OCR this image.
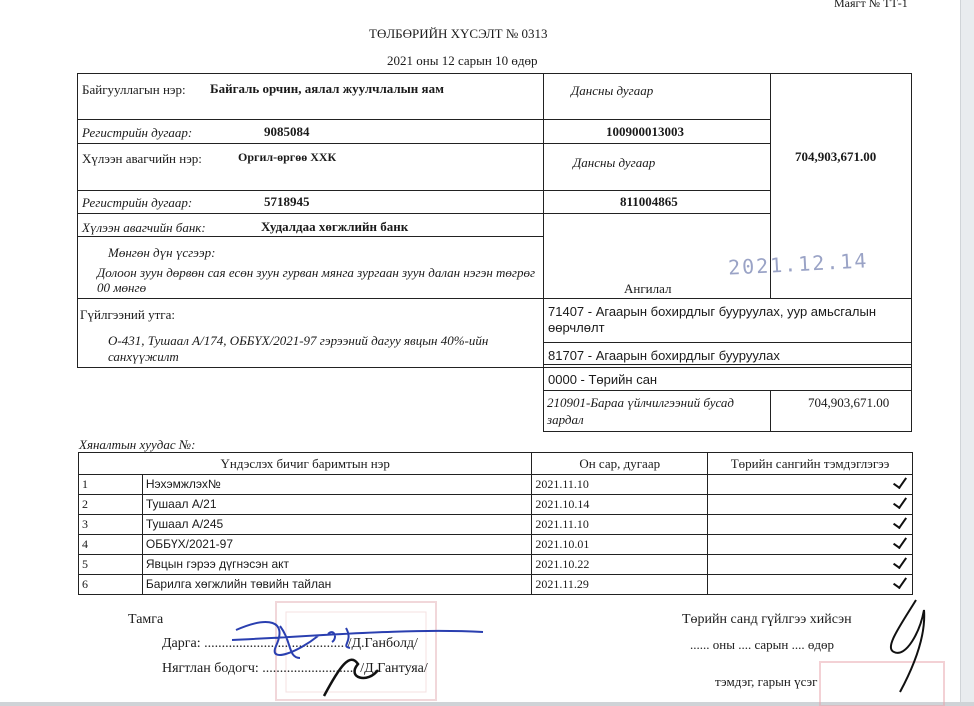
Маягт № ТТ-1
ТӨЛБӨРИЙН ХҮСЭЛТ № 0313
2021 оны 12 сарын 10 өдөр
Байгууллагын нэр: Байгаль орчин, аялал жуулчлалын яам	Дансны дугаар
Регистрийн дугаар:	9085084	100900013003
704,903,671.00
Хүлээн авагчийн нэр:	Оргил-өргөө ХХК	Дансны дугаар
Регистрийн дугаар:	5718945	811004865
Хүлээн авагчийн банк:	Худалдаа хөгжлийн банк
Мөнгөн дүн үсгээр:
Долоон зуун дөрвөн сая есөн зуун гурван мянга зургаан зуун далан нэгэн төгрөг 00 мөнгө	Ангилал
2021.12.14
Гүйлгээний утга:
О-431, Тушаал А/174, ОББҮХ/2021-97 гэрээний дагуу явцын 40%-ийн санхүүжилт
71407 - Агаарын бохирдлыг бууруулах, уур амьсгалын өөрчлөлт
81707 - Агаарын бохирдлыг бууруулах
0000 - Төрийн сан
210901-Бараа үйлчилгээний бусад зардал
704,903,671.00
Хяналтын хуудас №:
Үндэслэх бичиг баримтын нэр		Он сар, дугаар	Төрийн сангийн тэмдэглэгээ
1	Нэхэмжлэх№	2021.11.10	
2	Тушаал А/21	2021.10.14	
3	Тушаал А/245	2021.11.10	
4	ОББҮХ/2021-97	2021.10.01	
5	Явцын гэрээ дүгнэсэн акт	2021.10.22	
6	Барилга хөгжлийн төвийн тайлан	2021.11.29	
Тамга
Дарга: ........................................ /Д.Ганболд/
Нягтлан бодогч: ........................... /Д.Гантуяа/
Төрийн санд гүйлгээ хийсэн
...... оны .... сарын .... өдөр
тэмдэг, гарын үсэг
